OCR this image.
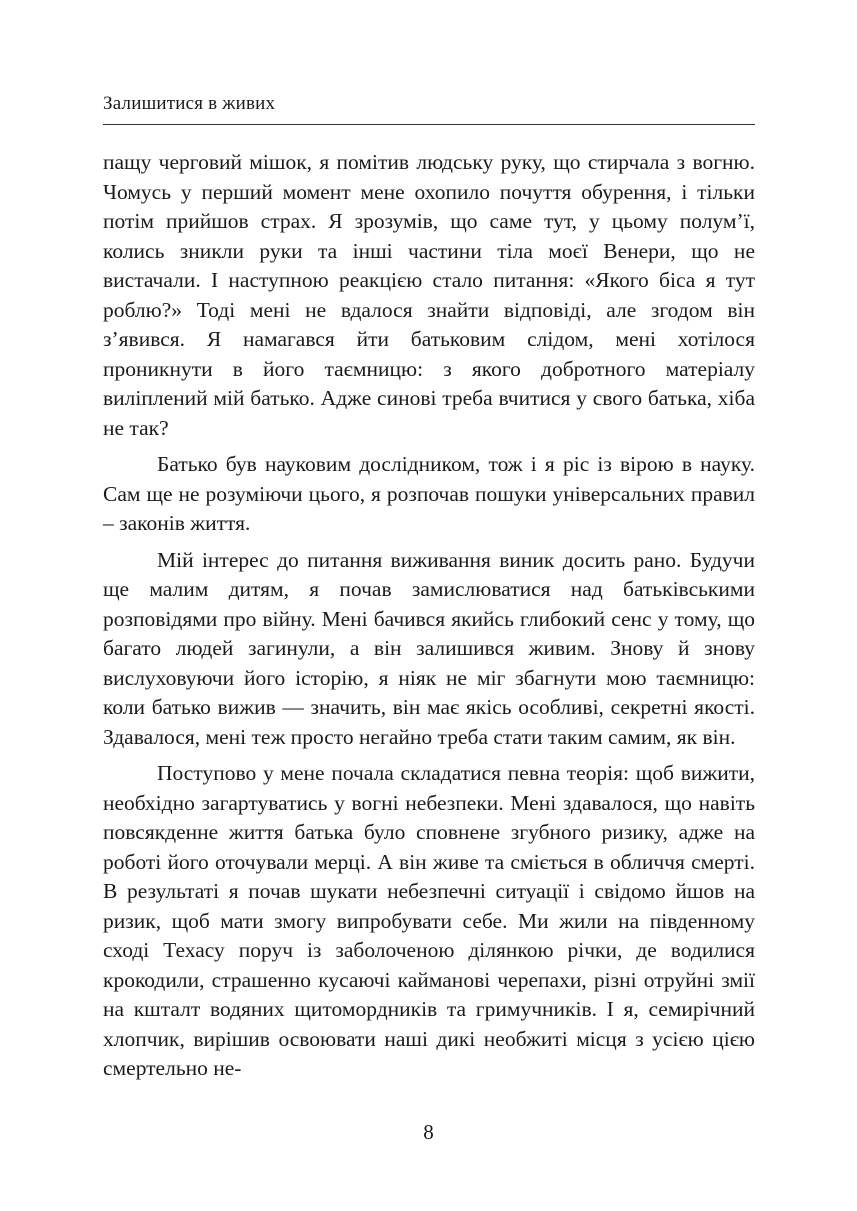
Залишитися в живих

пащу черговий мішок, я помітив людську руку, що стирчала з вогню. Чомусь у перший момент мене охопило почуття обурення, і тільки потім прийшов страх. Я зрозумів, що саме тут, у цьому полум’ї, колись зникли руки та інші частини тіла моєї Венери, що не вистачали. І наступною реакцією стало питання: «Якого біса я тут роблю?» Тоді мені не вдалося знайти відповіді, але згодом він з’явився. Я намагався йти батьковим слідом, мені хотілося проникнути в його таємницю: з якого добротного матеріалу виліплений мій батько. Адже синові треба вчитися у свого батька, хіба не так?

Батько був науковим дослідником, тож і я ріс із вірою в науку. Сам ще не розуміючи цього, я розпочав пошуки універсальних правил – законів життя.

Мій інтерес до питання виживання виник досить рано. Будучи ще малим дитям, я почав замислюватися над батьківськими розповідями про війну. Мені бачився якийсь глибокий сенс у тому, що багато людей загинули, а він залишився живим. Знову й знову вислуховуючи його історію, я ніяк не міг збагнути мою таємницю: коли батько вижив — значить, він має якісь особливі, секретні якості. Здавалося, мені теж просто негайно треба стати таким самим, як він.

Поступово у мене почала складатися певна теорія: щоб вижити, необхідно загартуватись у вогні небезпеки. Мені здавалося, що навіть повсякденне життя батька було сповнене згубного ризику, адже на роботі його оточували мерці. А він живе та сміється в обличчя смерті. В результаті я почав шукати небезпечні ситуації і свідомо йшов на ризик, щоб мати змогу випробувати себе. Ми жили на південному сході Техасу поруч із заболоченою ділянкою річки, де водилися крокодили, страшенно кусаючі каймановi черепахи, різні отруйні змії на кшталт водяних щитомордників та гримучників. І я, семирічний хлопчик, вирішив освоювати наші дикі необжиті місця з усією цією смертельно не-

8
